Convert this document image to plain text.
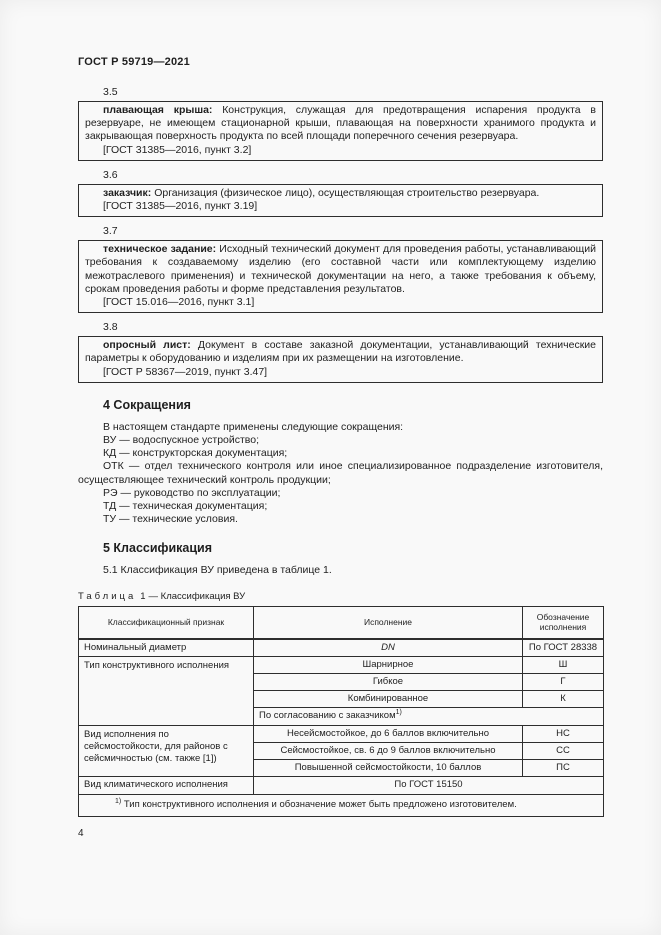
ГОСТ Р 59719—2021

3.5

плавающая крыша: Конструкция, служащая для предотвращения испарения продукта в резервуаре, не имеющем стационарной крыши, плавающая на поверхности хранимого продукта и закрывающая поверхность продукта по всей площади поперечного сечения резервуара.

[ГОСТ 31385—2016, пункт 3.2]

3.6

заказчик: Организация (физическое лицо), осуществляющая строительство резервуара.

[ГОСТ 31385—2016, пункт 3.19]

3.7

техническое задание: Исходный технический документ для проведения работы, устанавливающий требования к создаваемому изделию (его составной части или комплектующему изделию межотраслевого применения) и технической документации на него, а также требования к объему, срокам проведения работы и форме представления результатов.

[ГОСТ 15.016—2016, пункт 3.1]

3.8

опросный лист: Документ в составе заказной документации, устанавливающий технические параметры к оборудованию и изделиям при их размещении на изготовление.

[ГОСТ Р 58367—2019, пункт 3.47]

4 Сокращения

В настоящем стандарте применены следующие сокращения:

ВУ — водоспускное устройство;

КД — конструкторская документация;

ОТК — отдел технического контроля или иное специализированное подразделение изготовителя, осуществляющее технический контроль продукции;

РЭ — руководство по эксплуатации;

ТД — техническая документация;

ТУ — технические условия.

5 Классификация

5.1 Классификация ВУ приведена в таблице 1.

Таблица 1 — Классификация ВУ

Классификационный признак	Исполнение	Обозначение исполнения
Номинальный диаметр	DN	По ГОСТ 28338
Тип конструктивного исполнения	Шарнирное	Ш
	Гибкое	Г
	Комбинированное	К
	По согласованию с заказчиком$^{1)}$
Вид исполнения по сейсмостойкости, для районов с сейсмичностью (см. также [1])	Несейсмостойкое, до 6 баллов включительно	НС
	Сейсмостойкое, св. 6 до 9 баллов включительно	СС
	Повышенной сейсмостойкости, 10 баллов	ПС
Вид климатического исполнения	По ГОСТ 15150	
$^{1)}$ Тип конструктивного исполнения и обозначение может быть предложено изготовителем.		
4
